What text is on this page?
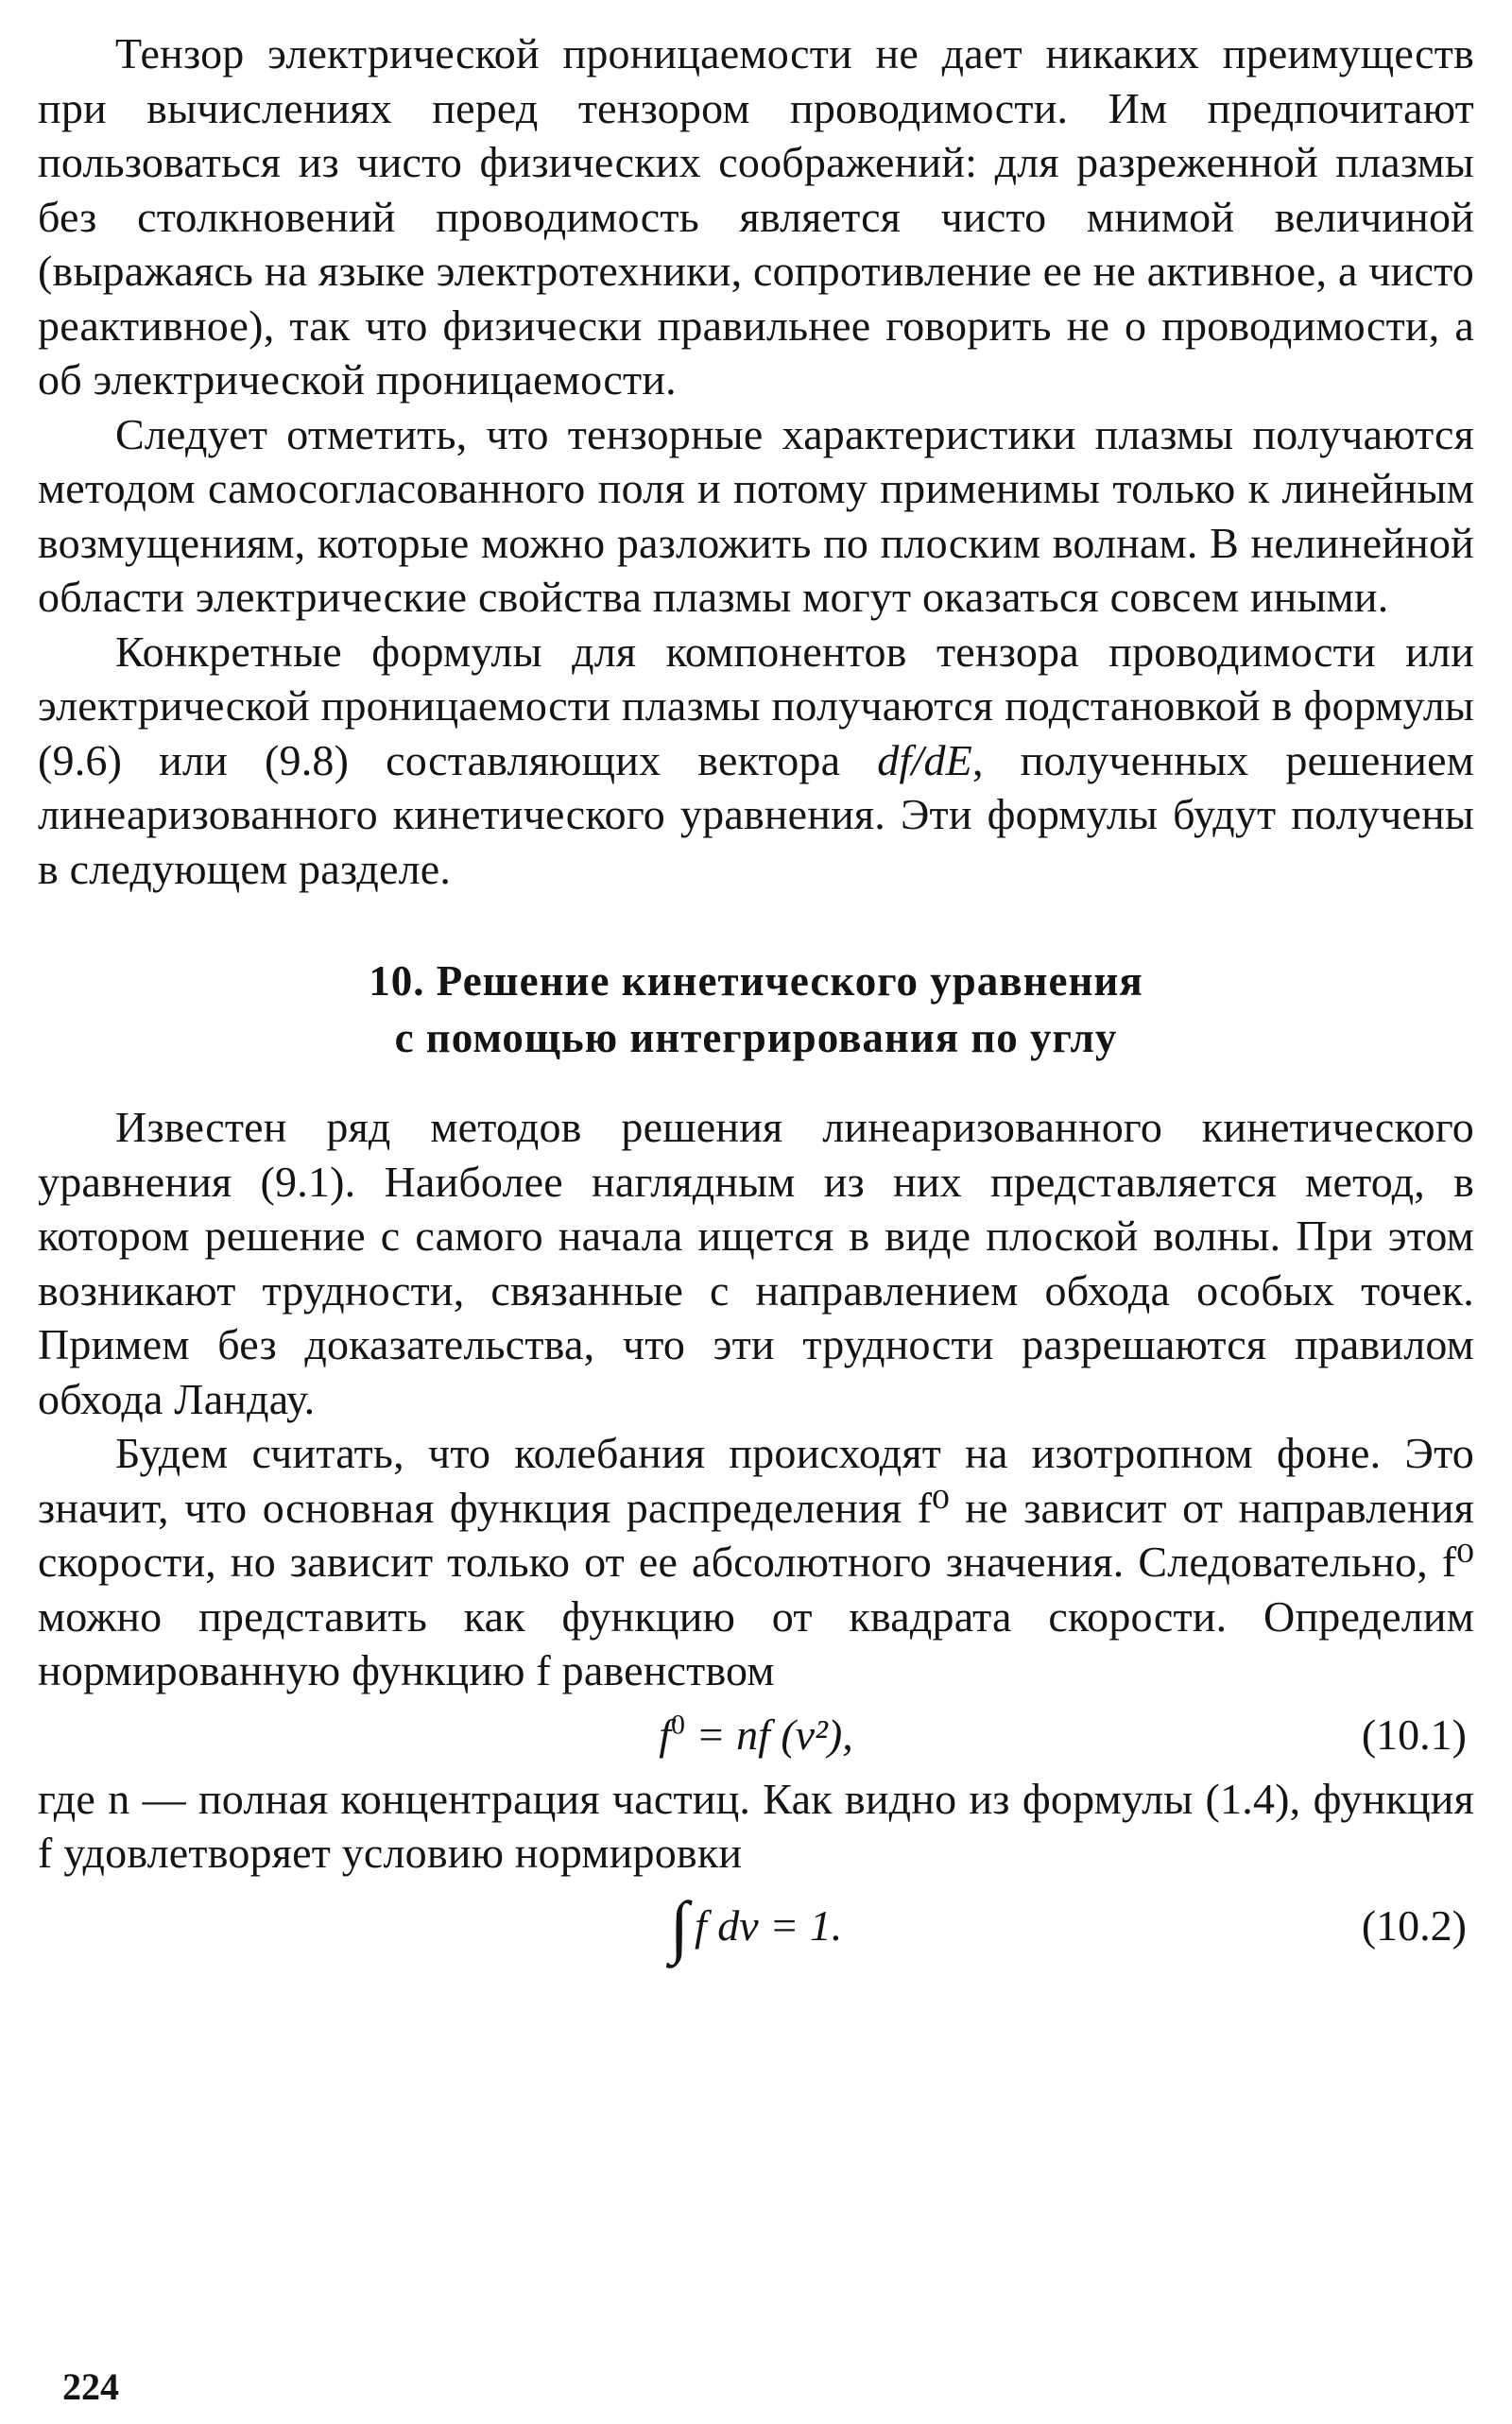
Тензор электрической проницаемости не дает никаких преимуществ при вычислениях перед тензором проводимости. Им предпочитают пользоваться из чисто физических соображений: для разреженной плазмы без столкновений проводимость является чисто мнимой величиной (выражаясь на языке электротехники, сопротивление ее не активное, а чисто реактивное), так что физически правильнее говорить не о проводимости, а об электрической проницаемости.

Следует отметить, что тензорные характеристики плазмы получаются методом самосогласованного поля и потому применимы только к линейным возмущениям, которые можно разложить по плоским волнам. В нелинейной области электрические свойства плазмы могут оказаться совсем иными.

Конкретные формулы для компонентов тензора проводимости или электрической проницаемости плазмы получаются подстановкой в формулы (9.6) или (9.8) составляющих вектора df/dE, полученных решением линеаризованного кинетического уравнения. Эти формулы будут получены в следующем разделе.

10. Решение кинетического уравнения
с помощью интегрирования по углу

Известен ряд методов решения линеаризованного кинетического уравнения (9.1). Наиболее наглядным из них представляется метод, в котором решение с самого начала ищется в виде плоской волны. При этом возникают трудности, связанные с направлением обхода особых точек. Примем без доказательства, что эти трудности разрешаются правилом обхода Ландау.

Будем считать, что колебания происходят на изотропном фоне. Это значит, что основная функция распределения f⁰ не зависит от направления скорости, но зависит только от ее абсолютного значения. Следовательно, f⁰ можно представить как функцию от квадрата скорости. Определим нормированную функцию f равенством

$f^0$ = nf (v²),	(10.1)

где n — полная концентрация частиц. Как видно из формулы (1.4), функция f удовлетворяет условию нормировки

∫ f dv = 1.	(10.2)
224
